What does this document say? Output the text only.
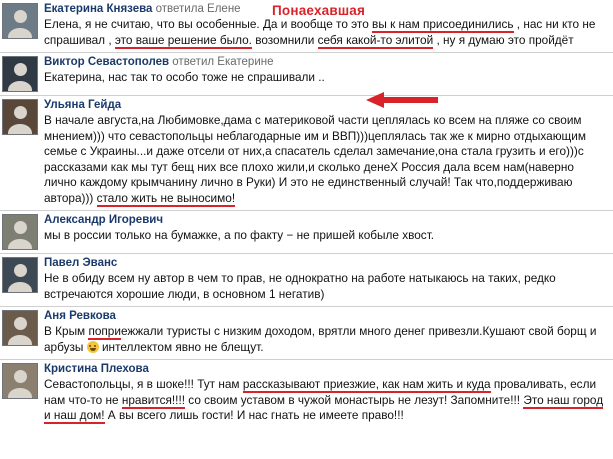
Екатерина Князева ответила Елене
Елена, я не считаю, что вы особенные. Да и вообще то это вы к нам присоединились , нас ни кто не спрашивал , это ваше решение было. возомнили себя какой-то элитой , ну я думаю это пройдёт
Виктор Севастополев ответил Екатерине
Екатерина, нас так то особо тоже не спрашивали ..
Ульяна Гейда
В начале августа,на Любимовке,дама с материковой части цеплялась ко всем на пляже со своим мнением))) что севастопольцы неблагодарные им и ВВП)))цеплялась так же к мирно отдыхающим семье с Украины...и даже отсели от них,а спасатель сделал замечание,она стала грузить и его)))с рассказами как мы тут бещ них все плохо жили,и сколько денеХ Россия дала всем нам(наверно лично каждому крымчанину лично в Руки) И это не единственный случай! Так что,поддерживаю автора))) стало жить не выносимо!
Александр Игоревич
мы в россии только на бумажке, а по факту − не пришей кобыле хвост.
Павел Эванс
Не в обиду всем ну автор в чем то прав, не однократно на работе натыкаюсь на таких, редко встречаются хорошие люди, в основном 1 негатив)
Аня Ревкова
В Крым поприежжали туристы с низким доходом, врятли много денег привезли.Кушают свой борщ и арбузы  интеллектом явно не блещут.
Кристина Плехова
Севастопольцы, я в шоке!!! Тут нам рассказывают приезжие, как нам жить и куда проваливать, если нам что-то не нравится!!!! со своим уставом в чужой монастырь не лезут! Запомните!!! Это наш город и наш дом! А вы всего лишь гости! И нас гнать не имеете право!!!
Понаехавшая
